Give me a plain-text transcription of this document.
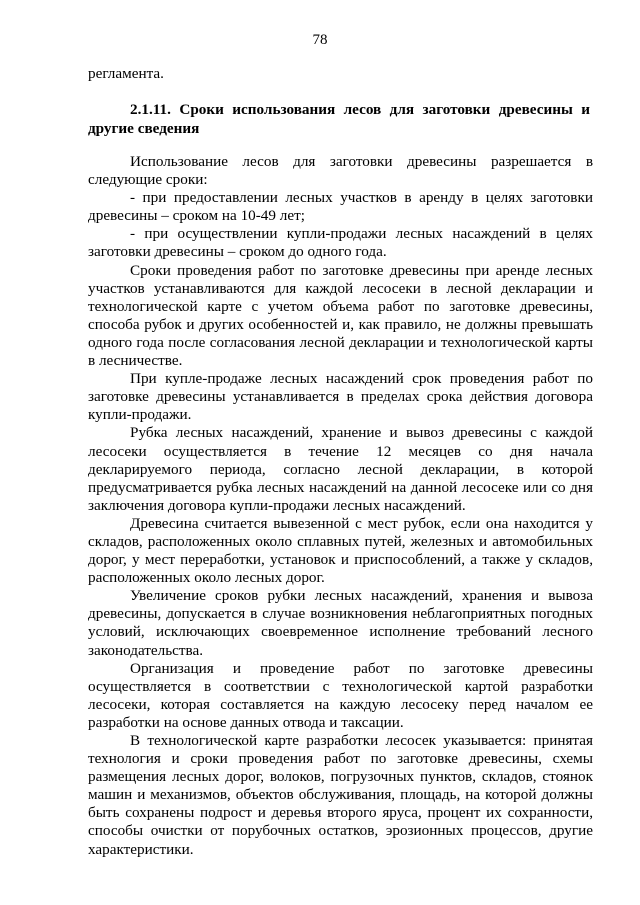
78
регламента.
2.1.11. Сроки использования лесов для заготовки древесины и другие сведения

Использование лесов для заготовки древесины разрешается в следующие сроки:

- при предоставлении лесных участков в аренду в целях заготовки древесины – сроком на 10-49 лет;

- при осуществлении купли-продажи лесных насаждений в целях заготовки древесины – сроком до одного года.

Сроки проведения работ по заготовке древесины при аренде лесных участков устанавливаются для каждой лесосеки в лесной декларации и технологической карте с учетом объема работ по заготовке древесины, способа рубок и других особенностей и, как правило, не должны превышать одного года после согласования лесной декларации и технологической карты в лесничестве.

При купле-продаже лесных насаждений срок проведения работ по заготовке древесины устанавливается в пределах срока действия договора купли-продажи.

Рубка лесных насаждений, хранение и вывоз древесины с каждой лесосеки осуществляется в течение 12 месяцев со дня начала декларируемого периода, согласно лесной декларации, в которой предусматривается рубка лесных насаждений на данной лесосеке или со дня заключения договора купли-продажи лесных насаждений.

Древесина считается вывезенной с мест рубок, если она находится у складов, расположенных около сплавных путей, железных и автомобильных дорог, у мест переработки, установок и приспособлений, а также у складов, расположенных около лесных дорог.

Увеличение сроков рубки лесных насаждений, хранения и вывоза древесины, допускается в случае возникновения неблагоприятных погодных условий, исключающих своевременное исполнение требований лесного законодательства.

Организация и проведение работ по заготовке древесины осуществляется в соответствии с технологической картой разработки лесосеки, которая составляется на каждую лесосеку перед началом ее разработки на основе данных отвода и таксации.

В технологической карте разработки лесосек указывается: принятая технология и сроки проведения работ по заготовке древесины, схемы размещения лесных дорог, волоков, погрузочных пунктов, складов, стоянок машин и механизмов, объектов обслуживания, площадь, на которой должны быть сохранены подрост и деревья второго яруса, процент их сохранности, способы очистки от порубочных остатков, эрозионных процессов, другие характеристики.
